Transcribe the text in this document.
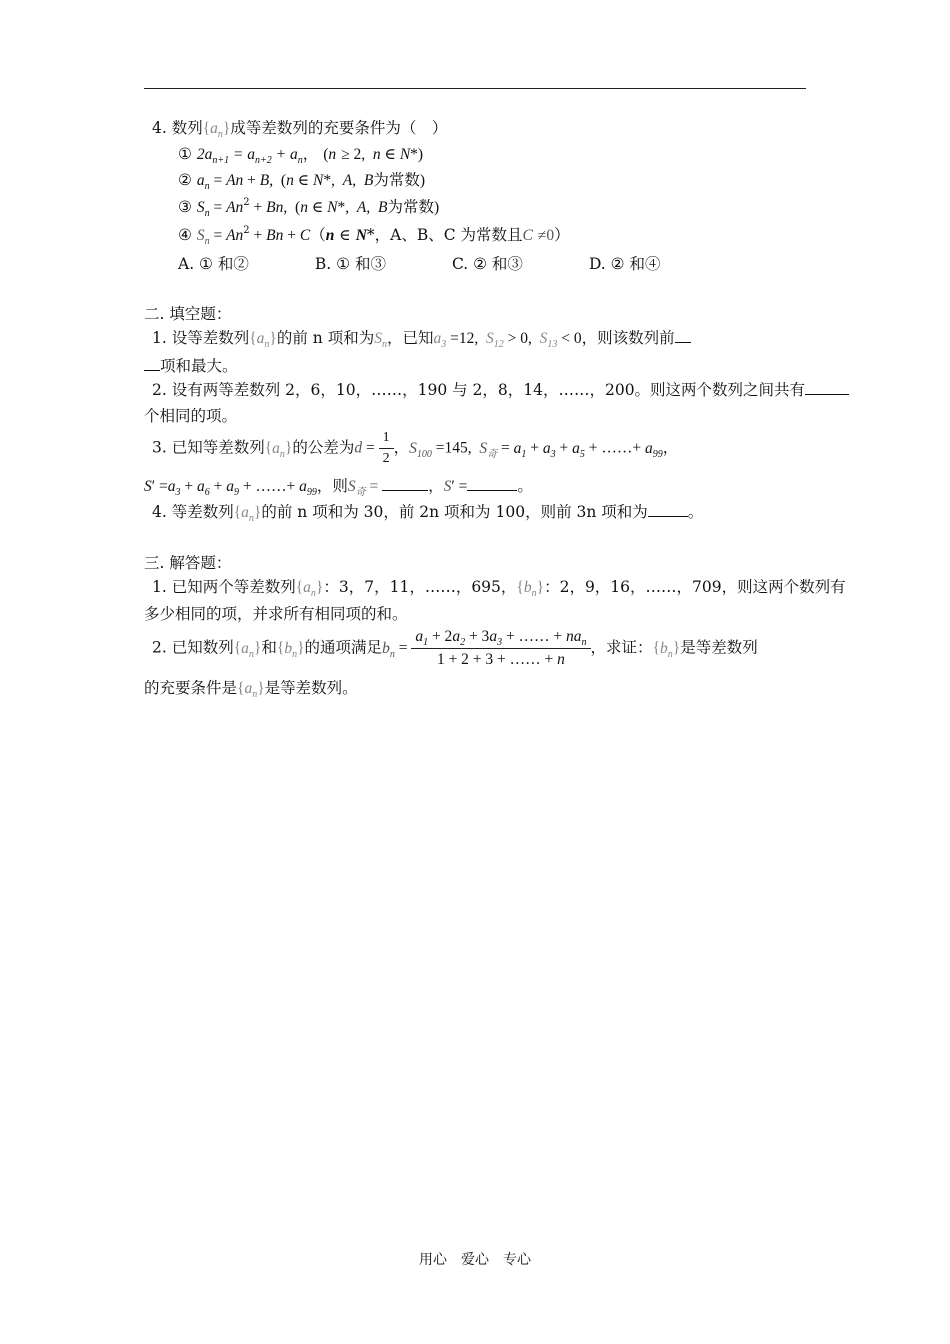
4. 数列$\{a_n\}$成等差数列的充要条件为（　）
① $2a_{n+1} = a_{n+2} + a_n$， (n ≥ 2,  n ∈ N*)
② $a_n = An + B$,  (n ∈ N*,  A,  B为常数)
③ $S_n = An^2 + Bn$,  (n ∈ N*,  A,  B为常数)
④ $S_n = An^2 + Bn + C(n$ ∈ N*，A、B、C 为常数且C ≠0）
A. ① 和②	B. ① 和③	C. ② 和③	D. ② 和④
二. 填空题：
1. 设等差数列$\{a_n\}$的前 n 项和为$S_n$，已知$a_3 =12$,  $S_{12} > 0$,  $S_{13} < 0$，则该数列前
项和最大。
2. 设有两等差数列 2，6，10，……，190 与 2，8，14，……，200。则这两个数列之间共有
个相同的项。
3. 已知等差数列$\{a_n\}$的公差为$d = \frac{1}{2}$ ，$S_{100} =145$,  $S_奇 = a_1 + a_3 + a_5$ + ……+ $a_{99}$，
$S' =a_3 + a_6 + a_9$ + ……+ $a_{99}$，则$S_奇$ =	，S′ =	。
4. 等差数列$\{a_n\}$的前 n 项和为 30，前 2n 项和为 100，则前 3n 项和为	。
三. 解答题：
1. 已知两个等差数列$\{a_n\}$：3，7，11，……，695，$\{b_n\}$：2，9，16，……，709，则这两个数列有
多少相同的项，并求所有相同项的和。
2. 已知数列$\{a_n\}$和$\{b_n\}$的通项满足$b_n = \frac{a_1 + 2a_2 + 3a_3 + \dots\dots + na_n}{1 + 2 + 3 + \dots\dots + n}$ ，求证：$\{b_n\}$是等差数列
的充要条件是$\{a_n\}$是等差数列。
用心　爱心　专心
